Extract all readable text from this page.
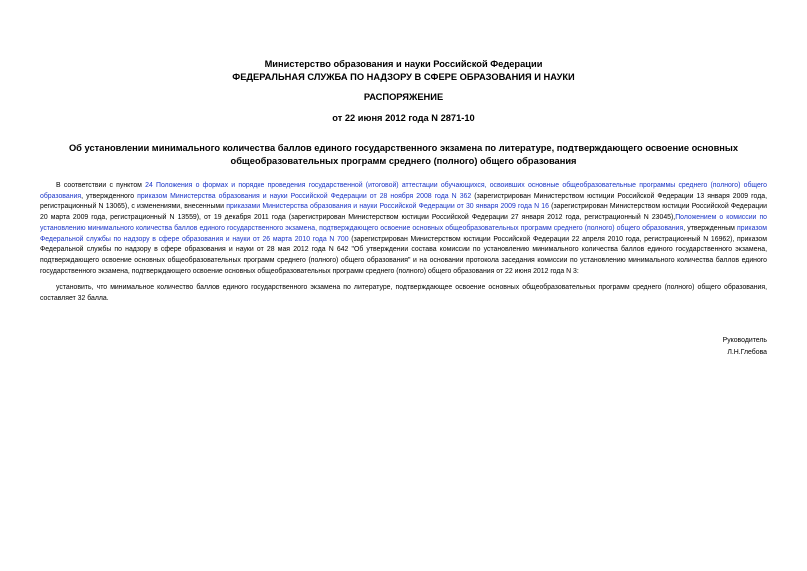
Министерство образования и науки Российской Федерации
ФЕДЕРАЛЬНАЯ СЛУЖБА ПО НАДЗОРУ В СФЕРЕ ОБРАЗОВАНИЯ И НАУКИ
РАСПОРЯЖЕНИЕ
от 22 июня 2012 года N 2871-10
Об установлении минимального количества баллов единого государственного экзамена по литературе, подтверждающего освоение основных общеобразовательных программ среднего (полного) общего образования

В соответствии с пунктом 24 Положения о формах и порядке проведения государственной (итоговой) аттестации обучающихся, освоивших основные общеобразовательные программы среднего (полного) общего образования, утвержденного приказом Министерства образования и науки Российской Федерации от 28 ноября 2008 года N 362 (зарегистрирован Министерством юстиции Российской Федерации 13 января 2009 года, регистрационный N 13065), с изменениями, внесенными приказами Министерства образования и науки Российской Федерации от 30 января 2009 года N 16 (зарегистрирован Министерством юстиции Российской Федерации 20 марта 2009 года, регистрационный N 13559), от 19 декабря 2011 года (зарегистрирован Министерством юстиции Российской Федерации 27 января 2012 года, регистрационный N 23045),Положением о комиссии по установлению минимального количества баллов единого государственного экзамена, подтверждающего освоение основных общеобразовательных программ среднего (полного) общего образования, утвержденным приказом Федеральной службы по надзору в сфере образования и науки от 26 марта 2010 года N 700 (зарегистрирован Министерством юстиции Российской Федерации 22 апреля 2010 года, регистрационный N 16962), приказом Федеральной службы по надзору в сфере образования и науки от 28 мая 2012 года N 642 "Об утверждении состава комиссии по установлению минимального количества баллов единого государственного экзамена, подтверждающего освоение основных общеобразовательных программ среднего (полного) общего образования" и на основании протокола заседания комиссии по установлению минимального количества баллов единого государственного экзамена, подтверждающего освоение основных общеобразовательных программ среднего (полного) общего образования от 22 июня 2012 года N 3:

установить, что минимальное количество баллов единого государственного экзамена по литературе, подтверждающее освоение основных общеобразовательных программ среднего (полного) общего образования, составляет 32 балла.

Руководитель
Л.Н.Глебова
